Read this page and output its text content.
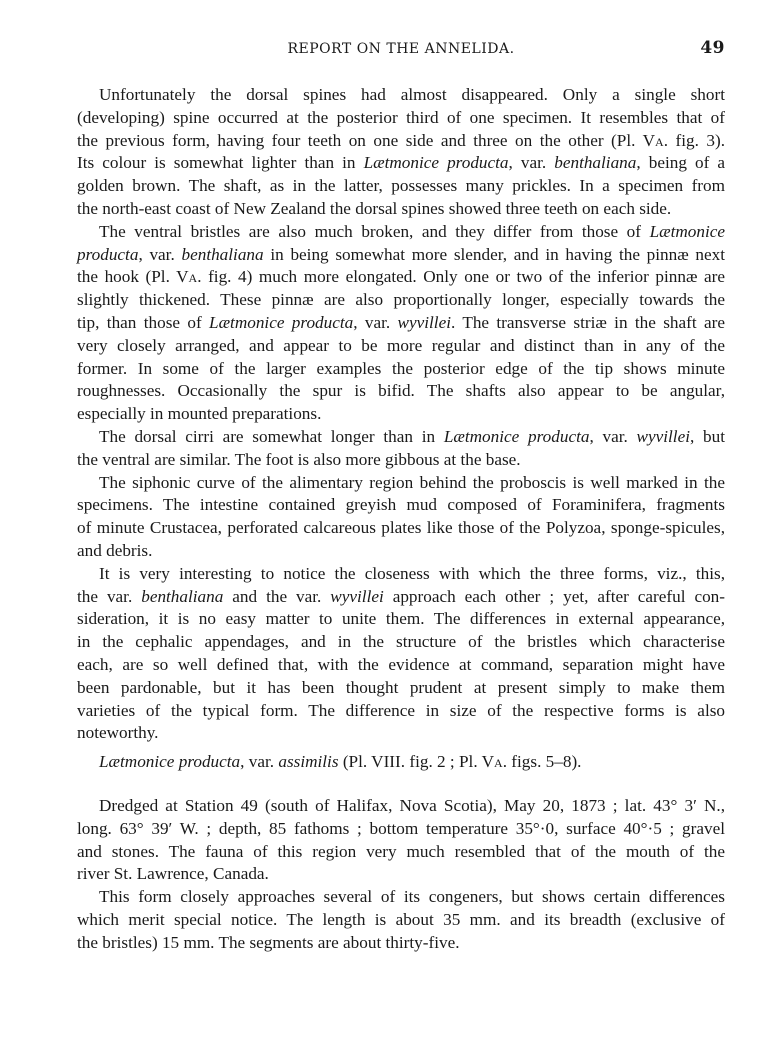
REPORT ON THE ANNELIDA.	49
Unfortunately the dorsal spines had almost disappeared. Only a single short
(developing) spine occurred at the posterior third of one specimen. It resembles that of
the previous form, having four teeth on one side and three on the other (Pl. Va. fig. 3).
Its colour is somewhat lighter than in Lætmonice producta, var. benthaliana, being of a
golden brown. The shaft, as in the latter, possesses many prickles. In a specimen from
the north-east coast of New Zealand the dorsal spines showed three teeth on each side.
The ventral bristles are also much broken, and they differ from those of Lætmonice
producta, var. benthaliana in being somewhat more slender, and in having the pinnæ next
the hook (Pl. Va. fig. 4) much more elongated. Only one or two of the inferior pinnæ are
slightly thickened. These pinnæ are also proportionally longer, especially towards the
tip, than those of Lætmonice producta, var. wyvillei. The transverse striæ in the shaft are
very closely arranged, and appear to be more regular and distinct than in any of the
former. In some of the larger examples the posterior edge of the tip shows minute
roughnesses. Occasionally the spur is bifid. The shafts also appear to be angular,
especially in mounted preparations.
The dorsal cirri are somewhat longer than in Lætmonice producta, var. wyvillei, but
the ventral are similar. The foot is also more gibbous at the base.
The siphonic curve of the alimentary region behind the proboscis is well marked in the
specimens. The intestine contained greyish mud composed of Foraminifera, fragments
of minute Crustacea, perforated calcareous plates like those of the Polyzoa, sponge-spicules,
and debris.
It is very interesting to notice the closeness with which the three forms, viz., this,
the var. benthaliana and the var. wyvillei approach each other ; yet, after careful con-
sideration, it is no easy matter to unite them. The differences in external appearance,
in the cephalic appendages, and in the structure of the bristles which characterise
each, are so well defined that, with the evidence at command, separation might have
been pardonable, but it has been thought prudent at present simply to make them
varieties of the typical form. The difference in size of the respective forms is also
noteworthy.
Lætmonice producta, var. assimilis (Pl. VIII. fig. 2 ; Pl. Va. figs. 5–8).
Dredged at Station 49 (south of Halifax, Nova Scotia), May 20, 1873 ; lat. 43° 3′ N.,
long. 63° 39′ W. ; depth, 85 fathoms ; bottom temperature 35°·0, surface 40°·5 ; gravel
and stones. The fauna of this region very much resembled that of the mouth of the
river St. Lawrence, Canada.
This form closely approaches several of its congeners, but shows certain differences
which merit special notice. The length is about 35 mm. and its breadth (exclusive of
the bristles) 15 mm. The segments are about thirty-five.
